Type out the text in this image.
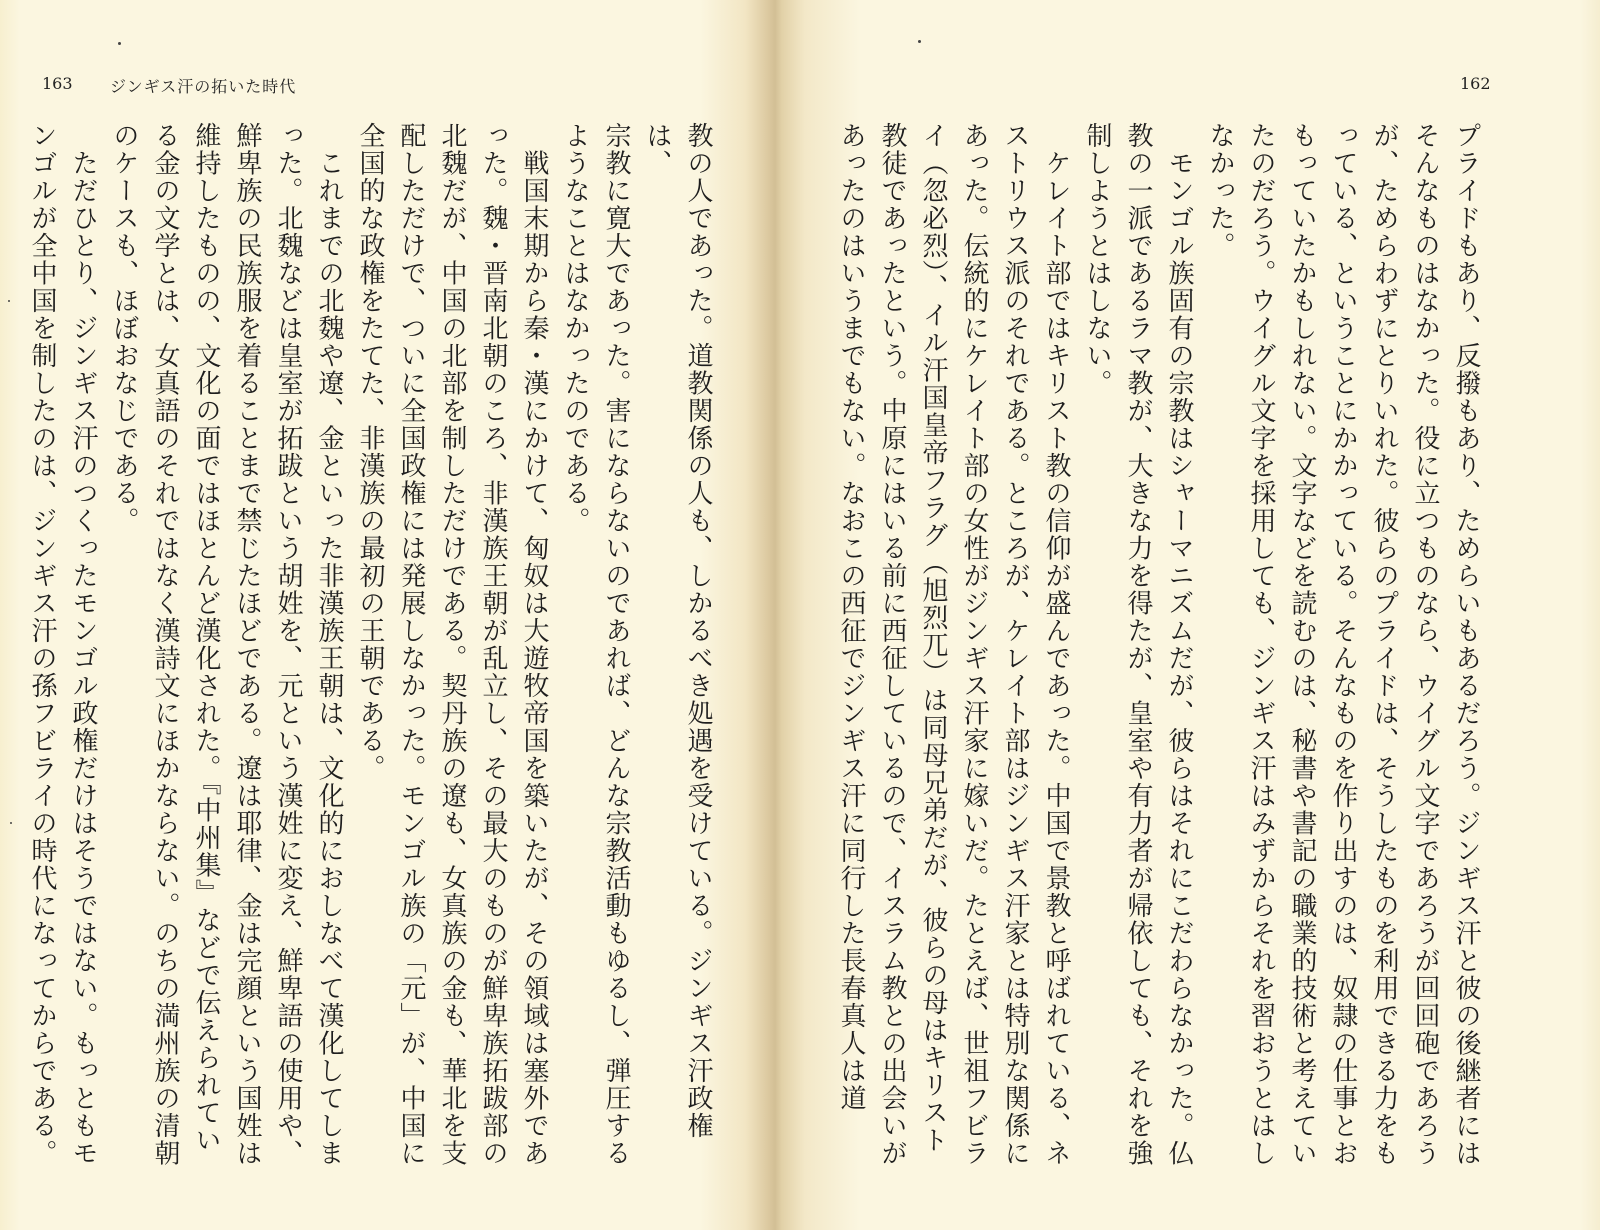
163 ジンギス汗の拓いた時代
教の人であった。道教関係の人も、しかるべき処遇を受けている。ジンギス汗政権は、
宗教に寛大であった。害にならないのであれば、どんな宗教活動もゆるし、弾圧する
ようなことはなかったのである。
　戦国末期から秦・漢にかけて、匈奴は大遊牧帝国を築いたが、その領域は塞外であ
った。魏・晋南北朝のころ、非漢族王朝が乱立し、その最大のものが鮮卑族拓跋部の
北魏だが、中国の北部を制しただけである。契丹族の遼も、女真族の金も、華北を支
配しただけで、ついに全国政権には発展しなかった。モンゴル族の「元」が、中国に
全国的な政権をたてた、非漢族の最初の王朝である。
　これまでの北魏や遼、金といった非漢族王朝は、文化的におしなべて漢化してしま
った。北魏などは皇室が拓跋という胡姓を、元という漢姓に変え、鮮卑語の使用や、
鮮卑族の民族服を着ることまで禁じたほどである。遼は耶律、金は完顔という国姓は
維持したものの、文化の面ではほとんど漢化された。『中州集』などで伝えられてい
る金の文学とは、女真語のそれではなく漢詩文にほかならない。のちの満州族の清朝
のケースも、ほぼおなじである。
　ただひとり、ジンギス汗のつくったモンゴル政権だけはそうではない。もっともモ
ンゴルが全中国を制したのは、ジンギス汗の孫フビライの時代になってからである。
162
プライドもあり、反撥もあり、ためらいもあるだろう。ジンギス汗と彼の後継者には
そんなものはなかった。役に立つものなら、ウイグル文字であろうが回回砲であろう
が、ためらわずにとりいれた。彼らのプライドは、そうしたものを利用できる力をも
っている、ということにかかっている。そんなものを作り出すのは、奴隷の仕事とお
もっていたかもしれない。文字などを読むのは、秘書や書記の職業的技術と考えてい
たのだろう。ウイグル文字を採用しても、ジンギス汗はみずからそれを習おうとはし
なかった。
　モンゴル族固有の宗教はシャーマニズムだが、彼らはそれにこだわらなかった。仏
教の一派であるラマ教が、大きな力を得たが、皇室や有力者が帰依しても、それを強
制しようとはしない。
　ケレイト部ではキリスト教の信仰が盛んであった。中国で景教と呼ばれている、ネ
ストリウス派のそれである。ところが、ケレイト部はジンギス汗家とは特別な関係に
あった。伝統的にケレイト部の女性がジンギス汗家に嫁いだ。たとえば、世祖フビラ
イ（忽必烈）、イル汗国皇帝フラグ（旭烈兀）は同母兄弟だが、彼らの母はキリスト
教徒であったという。中原にはいる前に西征しているので、イスラム教との出会いが
あったのはいうまでもない。なおこの西征でジンギス汗に同行した長春真人は道
